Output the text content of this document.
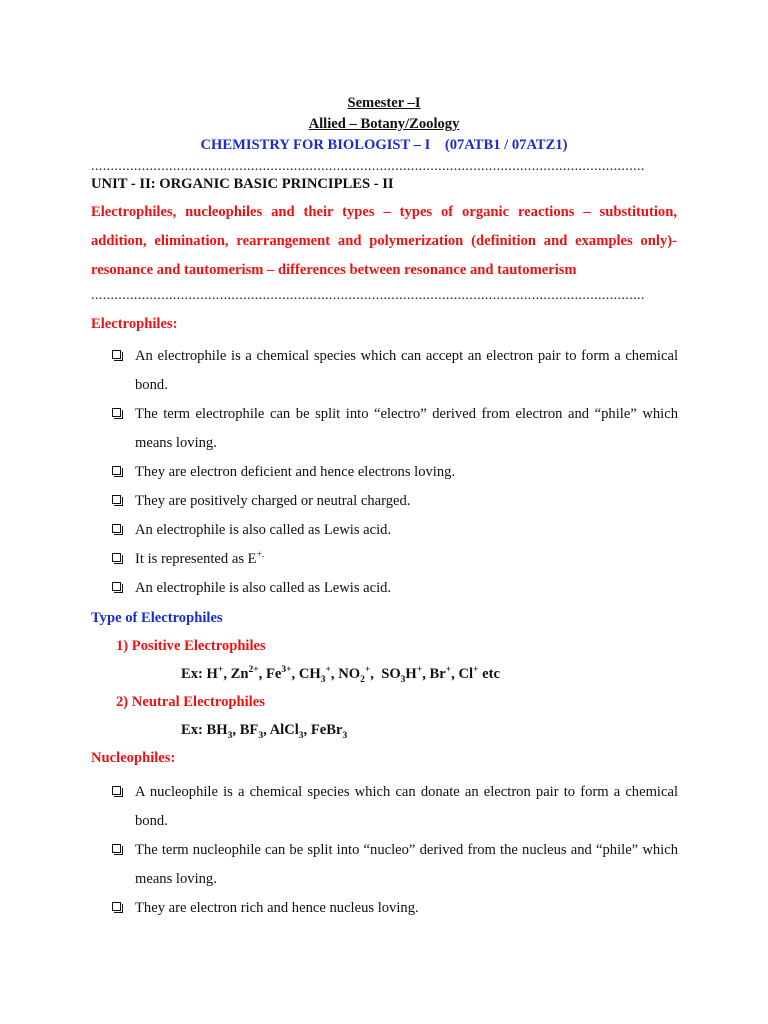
Semester –I
Allied – Botany/Zoology
CHEMISTRY FOR BIOLOGIST – I    (07ATB1 / 07ATZ1)
..............................................................................................................................................
UNIT - II: ORGANIC BASIC PRINCIPLES - II
Electrophiles, nucleophiles and their types – types of organic reactions – substitution, addition, elimination, rearrangement and polymerization (definition and examples only)-resonance and tautomerism – differences between resonance and tautomerism
..............................................................................................................................................
Electrophiles:
An electrophile is a chemical species which can accept an electron pair to form a chemical bond.
The term electrophile can be split into “electro” derived from electron and “phile” which means loving.
They are electron deficient and hence electrons loving.
They are positively charged or neutral charged.
An electrophile is also called as Lewis acid.
It is represented as E+.
An electrophile is also called as Lewis acid.
Type of Electrophiles
1) Positive Electrophiles
Ex: H+, $Zn^{2+}$, $Fe^{3+}$, $CH_3^+$, $NO_2^+$,  $SO_3H^+$, Br+, Cl+ etc
2) Neutral Electrophiles
Ex: $BH_3$, $BF_3$, AlCl$_3$, FeBr$_3$
Nucleophiles:
A nucleophile is a chemical species which can donate an electron pair to form a chemical bond.
The term nucleophile can be split into “nucleo” derived from the nucleus and “phile” which means loving.
They are electron rich and hence nucleus loving.
